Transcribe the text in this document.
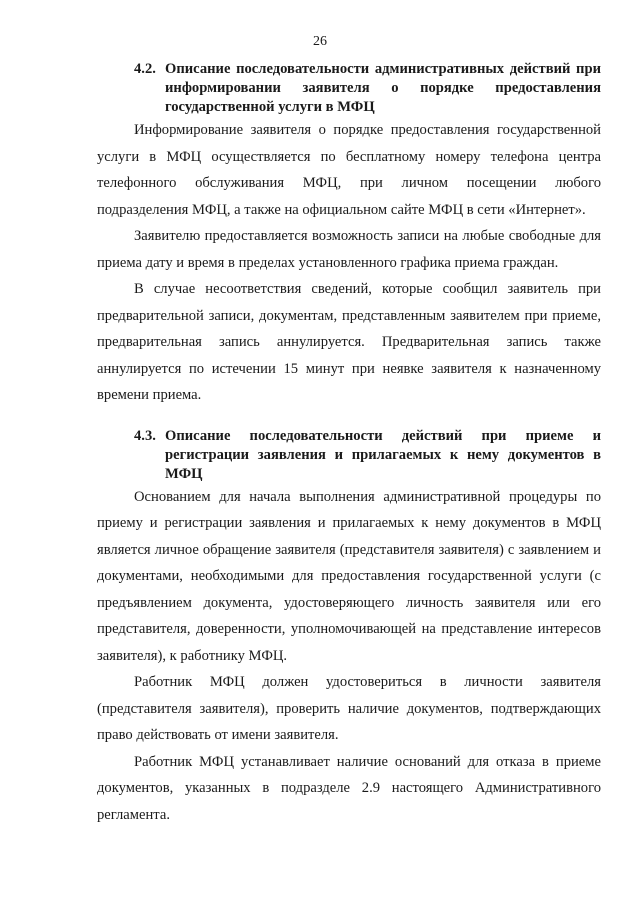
26
4.2. Описание последовательности административных действий при информировании заявителя о порядке предоставления государственной услуги в МФЦ

Информирование заявителя о порядке предоставления государственной услуги в МФЦ осуществляется по бесплатному номеру телефона центра телефонного обслуживания МФЦ, при личном посещении любого подразделения МФЦ, а также на официальном сайте МФЦ в сети «Интернет».

Заявителю предоставляется возможность записи на любые свободные для приема дату и время в пределах установленного графика приема граждан.

В случае несоответствия сведений, которые сообщил заявитель при предварительной записи, документам, представленным заявителем при приеме, предварительная запись аннулируется. Предварительная запись также аннулируется по истечении 15 минут при неявке заявителя к назначенному времени приема.

4.3. Описание последовательности действий при приеме и регистрации заявления и прилагаемых к нему документов в МФЦ

Основанием для начала выполнения административной процедуры по приему и регистрации заявления и прилагаемых к нему документов в МФЦ является личное обращение заявителя (представителя заявителя) с заявлением и документами, необходимыми для предоставления государственной услуги (с предъявлением документа, удостоверяющего личность заявителя или его представителя, доверенности, уполномочивающей на представление интересов заявителя), к работнику МФЦ.

Работник МФЦ должен удостовериться в личности заявителя (представителя заявителя), проверить наличие документов, подтверждающих право действовать от имени заявителя.

Работник МФЦ устанавливает наличие оснований для отказа в приеме документов, указанных в подразделе 2.9 настоящего Административного регламента.
